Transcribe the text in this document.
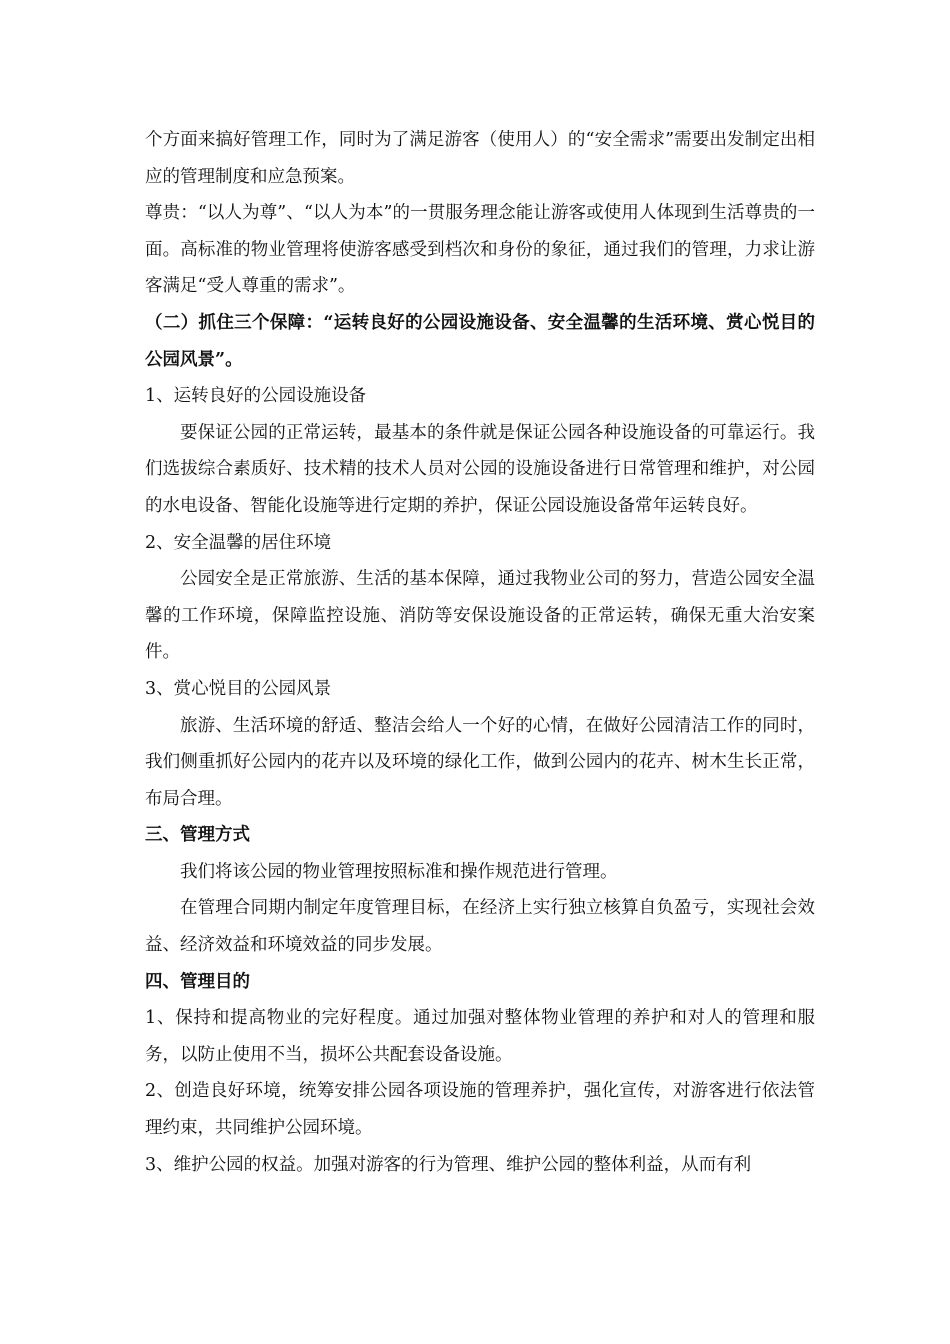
个方面来搞好管理工作，同时为了满足游客（使用人）的“安全需求”需要出发制定出相应的管理制度和应急预案。

尊贵：“以人为尊”、“以人为本”的一贯服务理念能让游客或使用人体现到生活尊贵的一面。高标准的物业管理将使游客感受到档次和身份的象征，通过我们的管理，力求让游客满足“受人尊重的需求”。

（二）抓住三个保障：“运转良好的公园设施设备、安全温馨的生活环境、赏心悦目的公园风景”。

1、运转良好的公园设施设备

要保证公园的正常运转，最基本的条件就是保证公园各种设施设备的可靠运行。我们选拔综合素质好、技术精的技术人员对公园的设施设备进行日常管理和维护，对公园的水电设备、智能化设施等进行定期的养护，保证公园设施设备常年运转良好。

2、安全温馨的居住环境

公园安全是正常旅游、生活的基本保障，通过我物业公司的努力，营造公园安全温馨的工作环境，保障监控设施、消防等安保设施设备的正常运转，确保无重大治安案件。

3、赏心悦目的公园风景

旅游、生活环境的舒适、整洁会给人一个好的心情，在做好公园清洁工作的同时，我们侧重抓好公园内的花卉以及环境的绿化工作，做到公园内的花卉、树木生长正常，布局合理。

三、管理方式

我们将该公园的物业管理按照标准和操作规范进行管理。

在管理合同期内制定年度管理目标，在经济上实行独立核算自负盈亏，实现社会效益、经济效益和环境效益的同步发展。

四、管理目的

1、保持和提高物业的完好程度。通过加强对整体物业管理的养护和对人的管理和服务，以防止使用不当，损坏公共配套设备设施。

2、创造良好环境，统筹安排公园各项设施的管理养护，强化宣传，对游客进行依法管理约束，共同维护公园环境。

3、维护公园的权益。加强对游客的行为管理、维护公园的整体利益，从而有利
